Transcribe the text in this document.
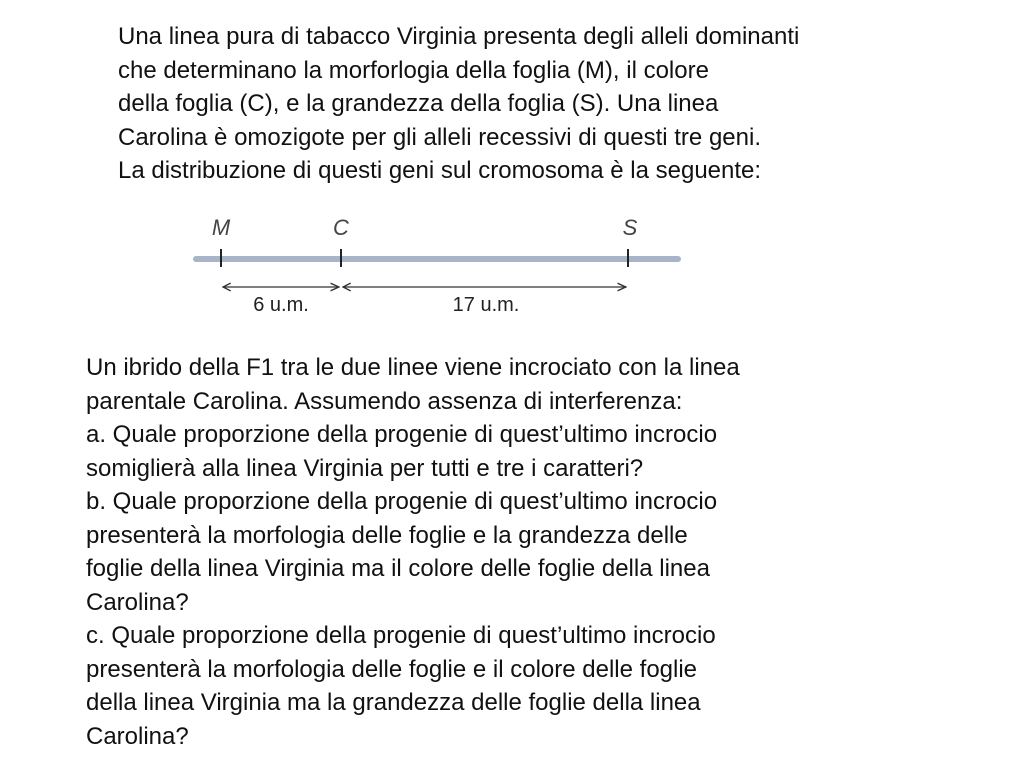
Una linea pura di tabacco Virginia presenta degli alleli dominanti
che determinano la morforlogia della foglia (M), il colore
della foglia (C), e la grandezza della foglia (S). Una linea
Carolina è omozigote per gli alleli recessivi di questi tre geni.
La distribuzione di questi geni sul cromosoma è la seguente:
M	C	S
6 u.m.	17 u.m.
Un ibrido della F1 tra le due linee viene incrociato con la linea
parentale Carolina. Assumendo assenza di interferenza:
a. Quale proporzione della progenie di quest’ultimo incrocio
somiglierà alla linea Virginia per tutti e tre i caratteri?
b. Quale proporzione della progenie di quest’ultimo incrocio
presenterà la morfologia delle foglie e la grandezza delle
foglie della linea Virginia ma il colore delle foglie della linea
Carolina?
c. Quale proporzione della progenie di quest’ultimo incrocio
presenterà la morfologia delle foglie e il colore delle foglie
della linea Virginia ma la grandezza delle foglie della linea
Carolina?
